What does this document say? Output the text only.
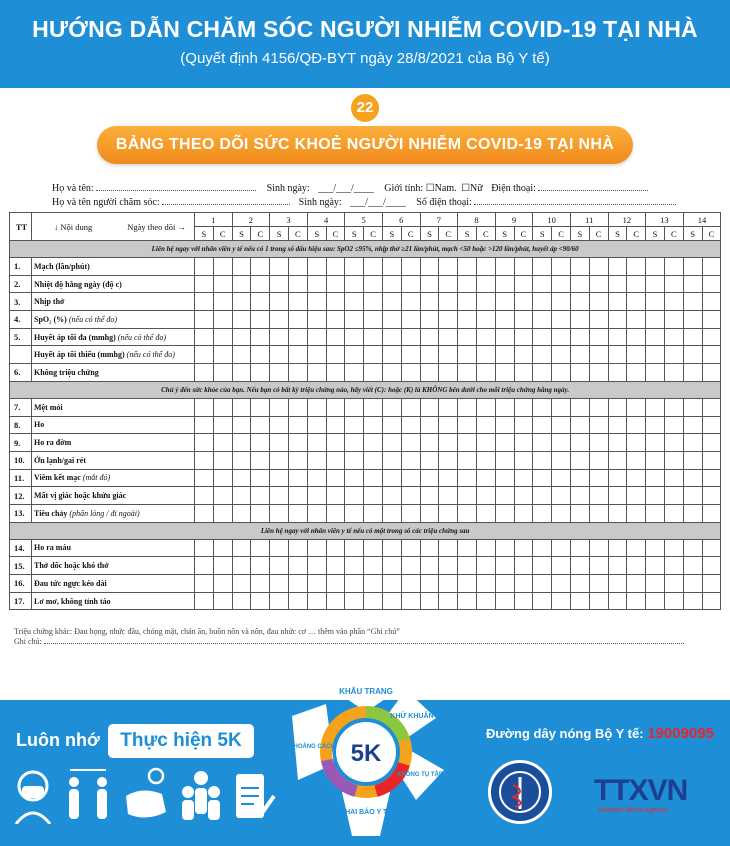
HƯỚNG DẪN CHĂM SÓC NGƯỜI NHIỄM COVID-19 TẠI NHÀ
(Quyết định 4156/QĐ-BYT ngày 28/8/2021 của Bộ Y tế)
22
BẢNG THEO DÕI SỨC KHOẺ NGƯỜI NHIỄM COVID-19 TẠI NHÀ
Họ và tên:	Sinh ngày: ___/___/____ Giới tính: ☐Nam. ☐Nữ Điện thoại:
Họ và tên người chăm sóc:	Sinh ngày: ___/___/____ Số điện thoại:
TT	↓ Nội dung Ngày theo dõi →	1		2		3		4		5		6		7		8		9		10		11		12		13		14	
		S	C	S	C	S	C	S	C	S	C	S	C	S	C	S	C	S	C	S	C	S	C	S	C	S	C	S	C
Liên hệ ngay với nhân viên y tế nếu có 1 trong số dấu hiệu sau: SpO2 ≤95%, nhịp thở ≥21 lần/phút, mạch <50 hoặc >120 lần/phút, huyết áp <90/60																													
1.	Mạch (lần/phút)																												
2.	Nhiệt độ hằng ngày (độ c)																												
3.	Nhịp thở																												
4.	SpO₂ (%) (nếu có thể đo)																												
5.	Huyết áp tối đa (mmhg) (nếu có thể đo)																												
	Huyết áp tối thiểu (mmhg) (nếu có thể đo)																												
6.	Không triệu chứng																												
Chú ý đến sức khỏe của bạn. Nếu bạn có bất kỳ triệu chứng nào, hãy viết (C): hoặc (K) là KHÔNG bên dưới cho mỗi triệu chứng hằng ngày.																													
7.	Mệt mỏi																												
8.	Ho																												
9.	Ho ra đờm																												
10.	Ớn lạnh/gai rét																												
11.	Viêm kết mạc (mắt đỏ)																												
12.	Mất vị giác hoặc khứu giác																												
13.	Tiêu chảy (phân lỏng / đi ngoài)																												
Liên hệ ngay với nhân viên y tế nếu có một trong số các triệu chứng sau																													
14.	Ho ra máu																												
15.	Thở dốc hoặc khó thở																												
16.	Đau tức ngực kéo dài																												
17.	Lơ mơ, không tỉnh táo																												
Triệu chứng khác: Đau họng, nhức đầu, chóng mặt, chán ăn, buồn nôn và nôn, đau nhức cơ … thêm vào phần “Ghi chú”
Ghi chú:
Luôn nhớ	Thực hiện 5K	5K
KHẨU TRANG
KHỬ KHUẨN
KHÔNG TỤ TẬP
KHAI BÁO Y TẾ
KHOẢNG CÁCH
Đường dây nóng Bộ Y tế: 19009095
TTXVN
Vietnam News Agency
